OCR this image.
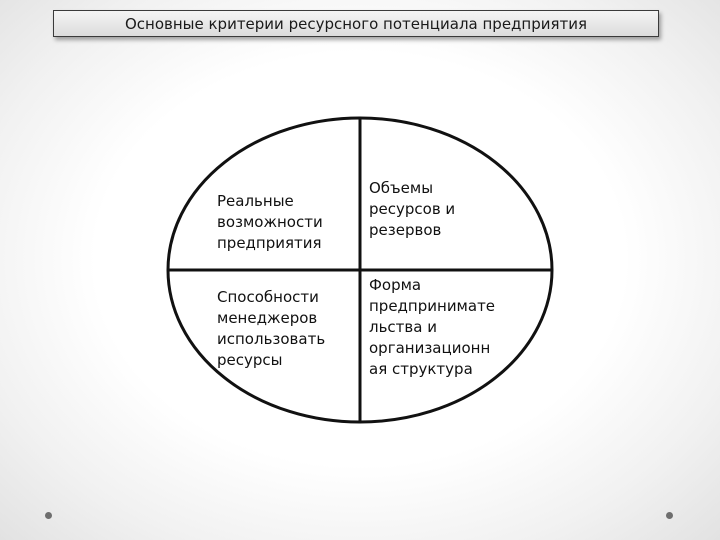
Основные критерии ресурсного потенциала предприятия
Реальные
возможности
предприятия
Объемы
ресурсов и
резервов
Способности
менеджеров
использовать
ресурсы
Форма
предпринимате
льства и
организационн
ая структура
